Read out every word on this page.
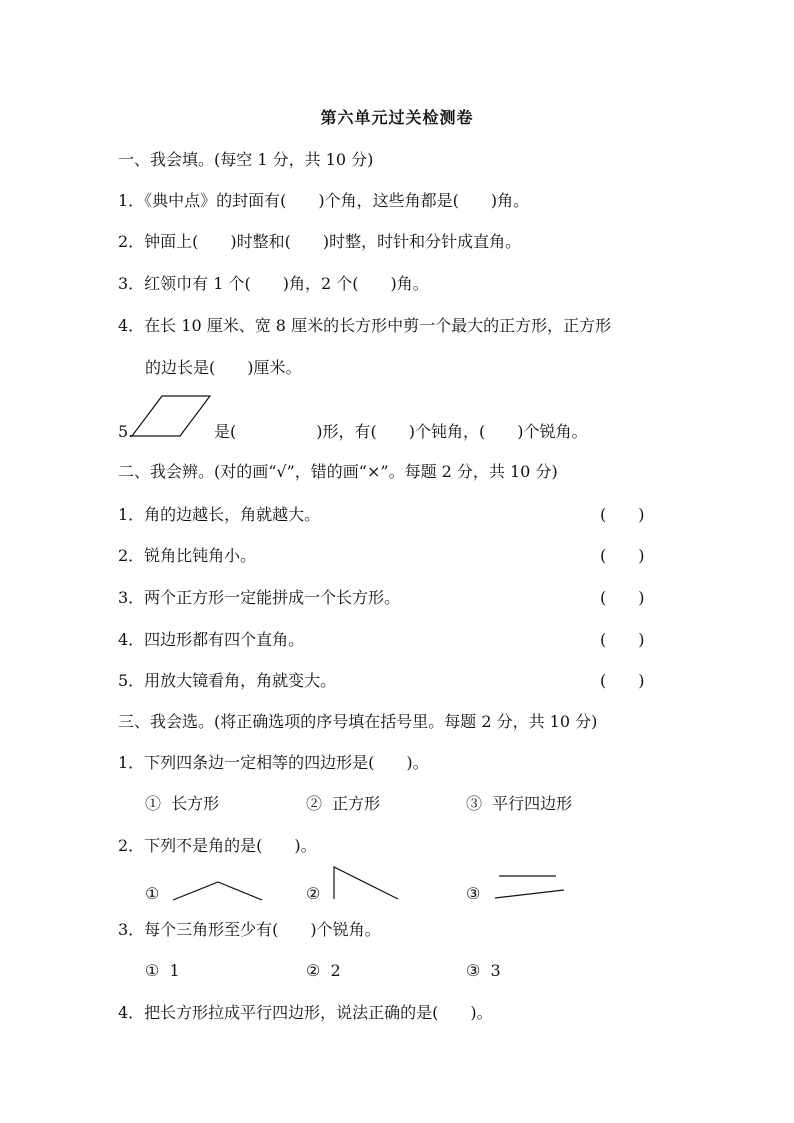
第六单元过关检测卷
一、我会填。(每空 1 分，共 10 分)
1．《典中点》的封面有(　　)个角，这些角都是(　　)角。
2．钟面上(　　)时整和(　　)时整，时针和分针成直角。
3．红领巾有 1 个(　　)角，2 个(　　)角。
4．在长 10 厘米、宽 8 厘米的长方形中剪一个最大的正方形，正方形
的边长是(　　)厘米。
5.	是(　　　　　)形，有(　　)个钝角，(　　)个锐角。
二、我会辨。(对的画“√”，错的画“×”。每题 2 分，共 10 分)
1．角的边越长，角就越大。	(　　)
2．锐角比钝角小。	(　　)
3．两个正方形一定能拼成一个长方形。	(　　)
4．四边形都有四个直角。	(　　)
5．用放大镜看角，角就变大。	(　　)
三、我会选。(将正确选项的序号填在括号里。每题 2 分，共 10 分)
1．下列四条边一定相等的四边形是(　　)。
①  长方形	②  正方形	③  平行四边形
2．下列不是角的是(　　)。
①	②	③
3．每个三角形至少有(　　)个锐角。
①  1	②  2	③  3
4．把长方形拉成平行四边形，说法正确的是(　　)。
